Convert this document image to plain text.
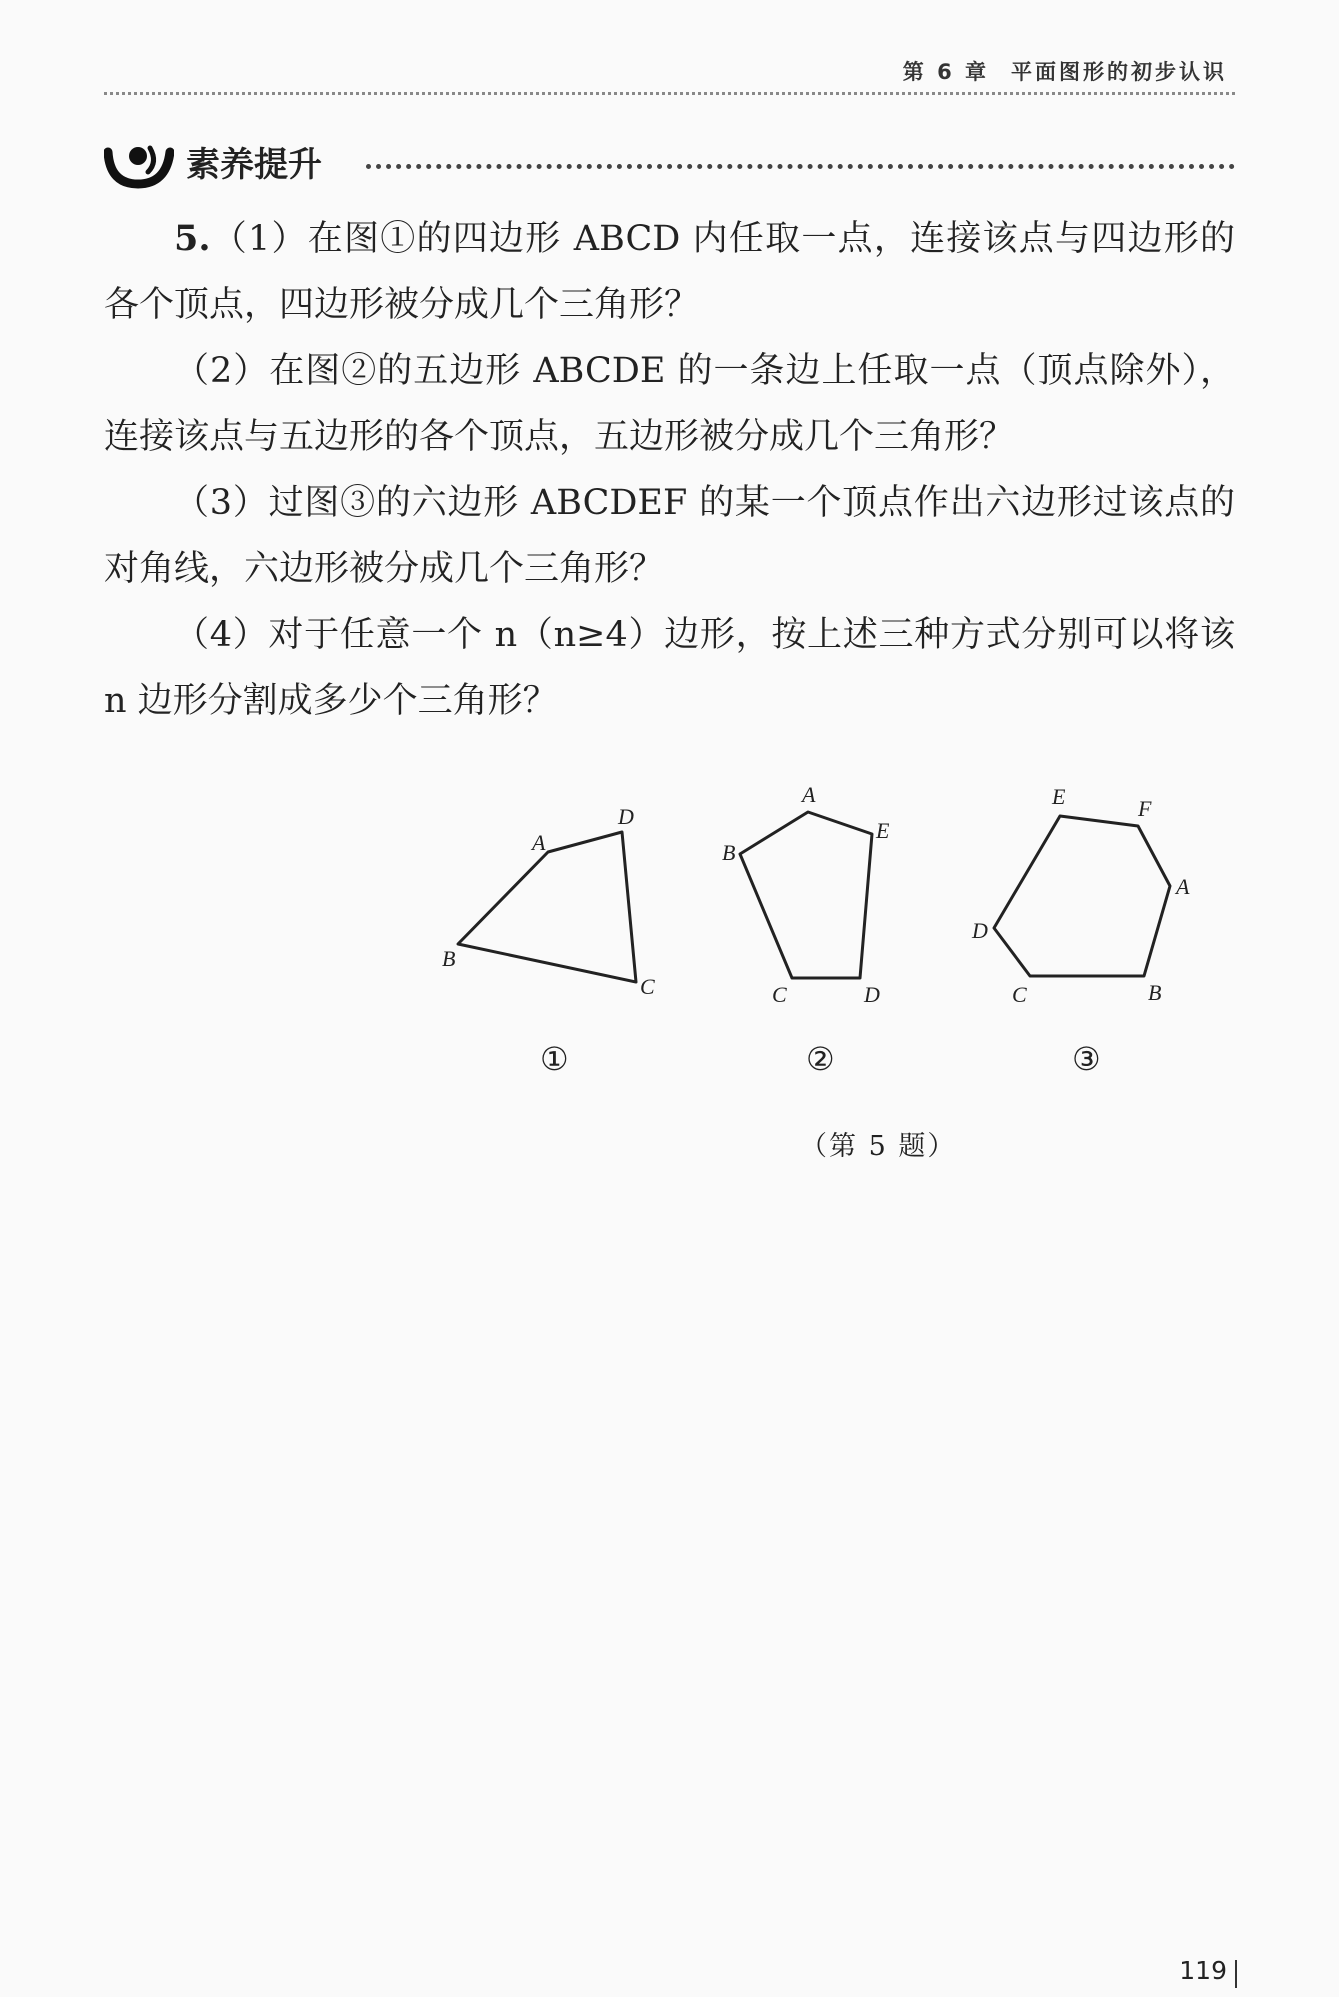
第 6 章 平面图形的初步认识
素养提升

5.（1）在图①的四边形 ABCD 内任取一点，连接该点与四边形的各个顶点，四边形被分成几个三角形？

（2）在图②的五边形 ABCDE 的一条边上任取一点（顶点除外），连接该点与五边形的各个顶点，五边形被分成几个三角形？

（3）过图③的六边形 ABCDEF 的某一个顶点作出六边形过该点的对角线，六边形被分成几个三角形？

（4）对于任意一个 n（n≥4）边形，按上述三种方式分别可以将该 n 边形分割成多少个三角形？

A
D
B
C
A
E
B
C	D
E	F
A
D
C	B
①	②	③
（第 5 题）
119
